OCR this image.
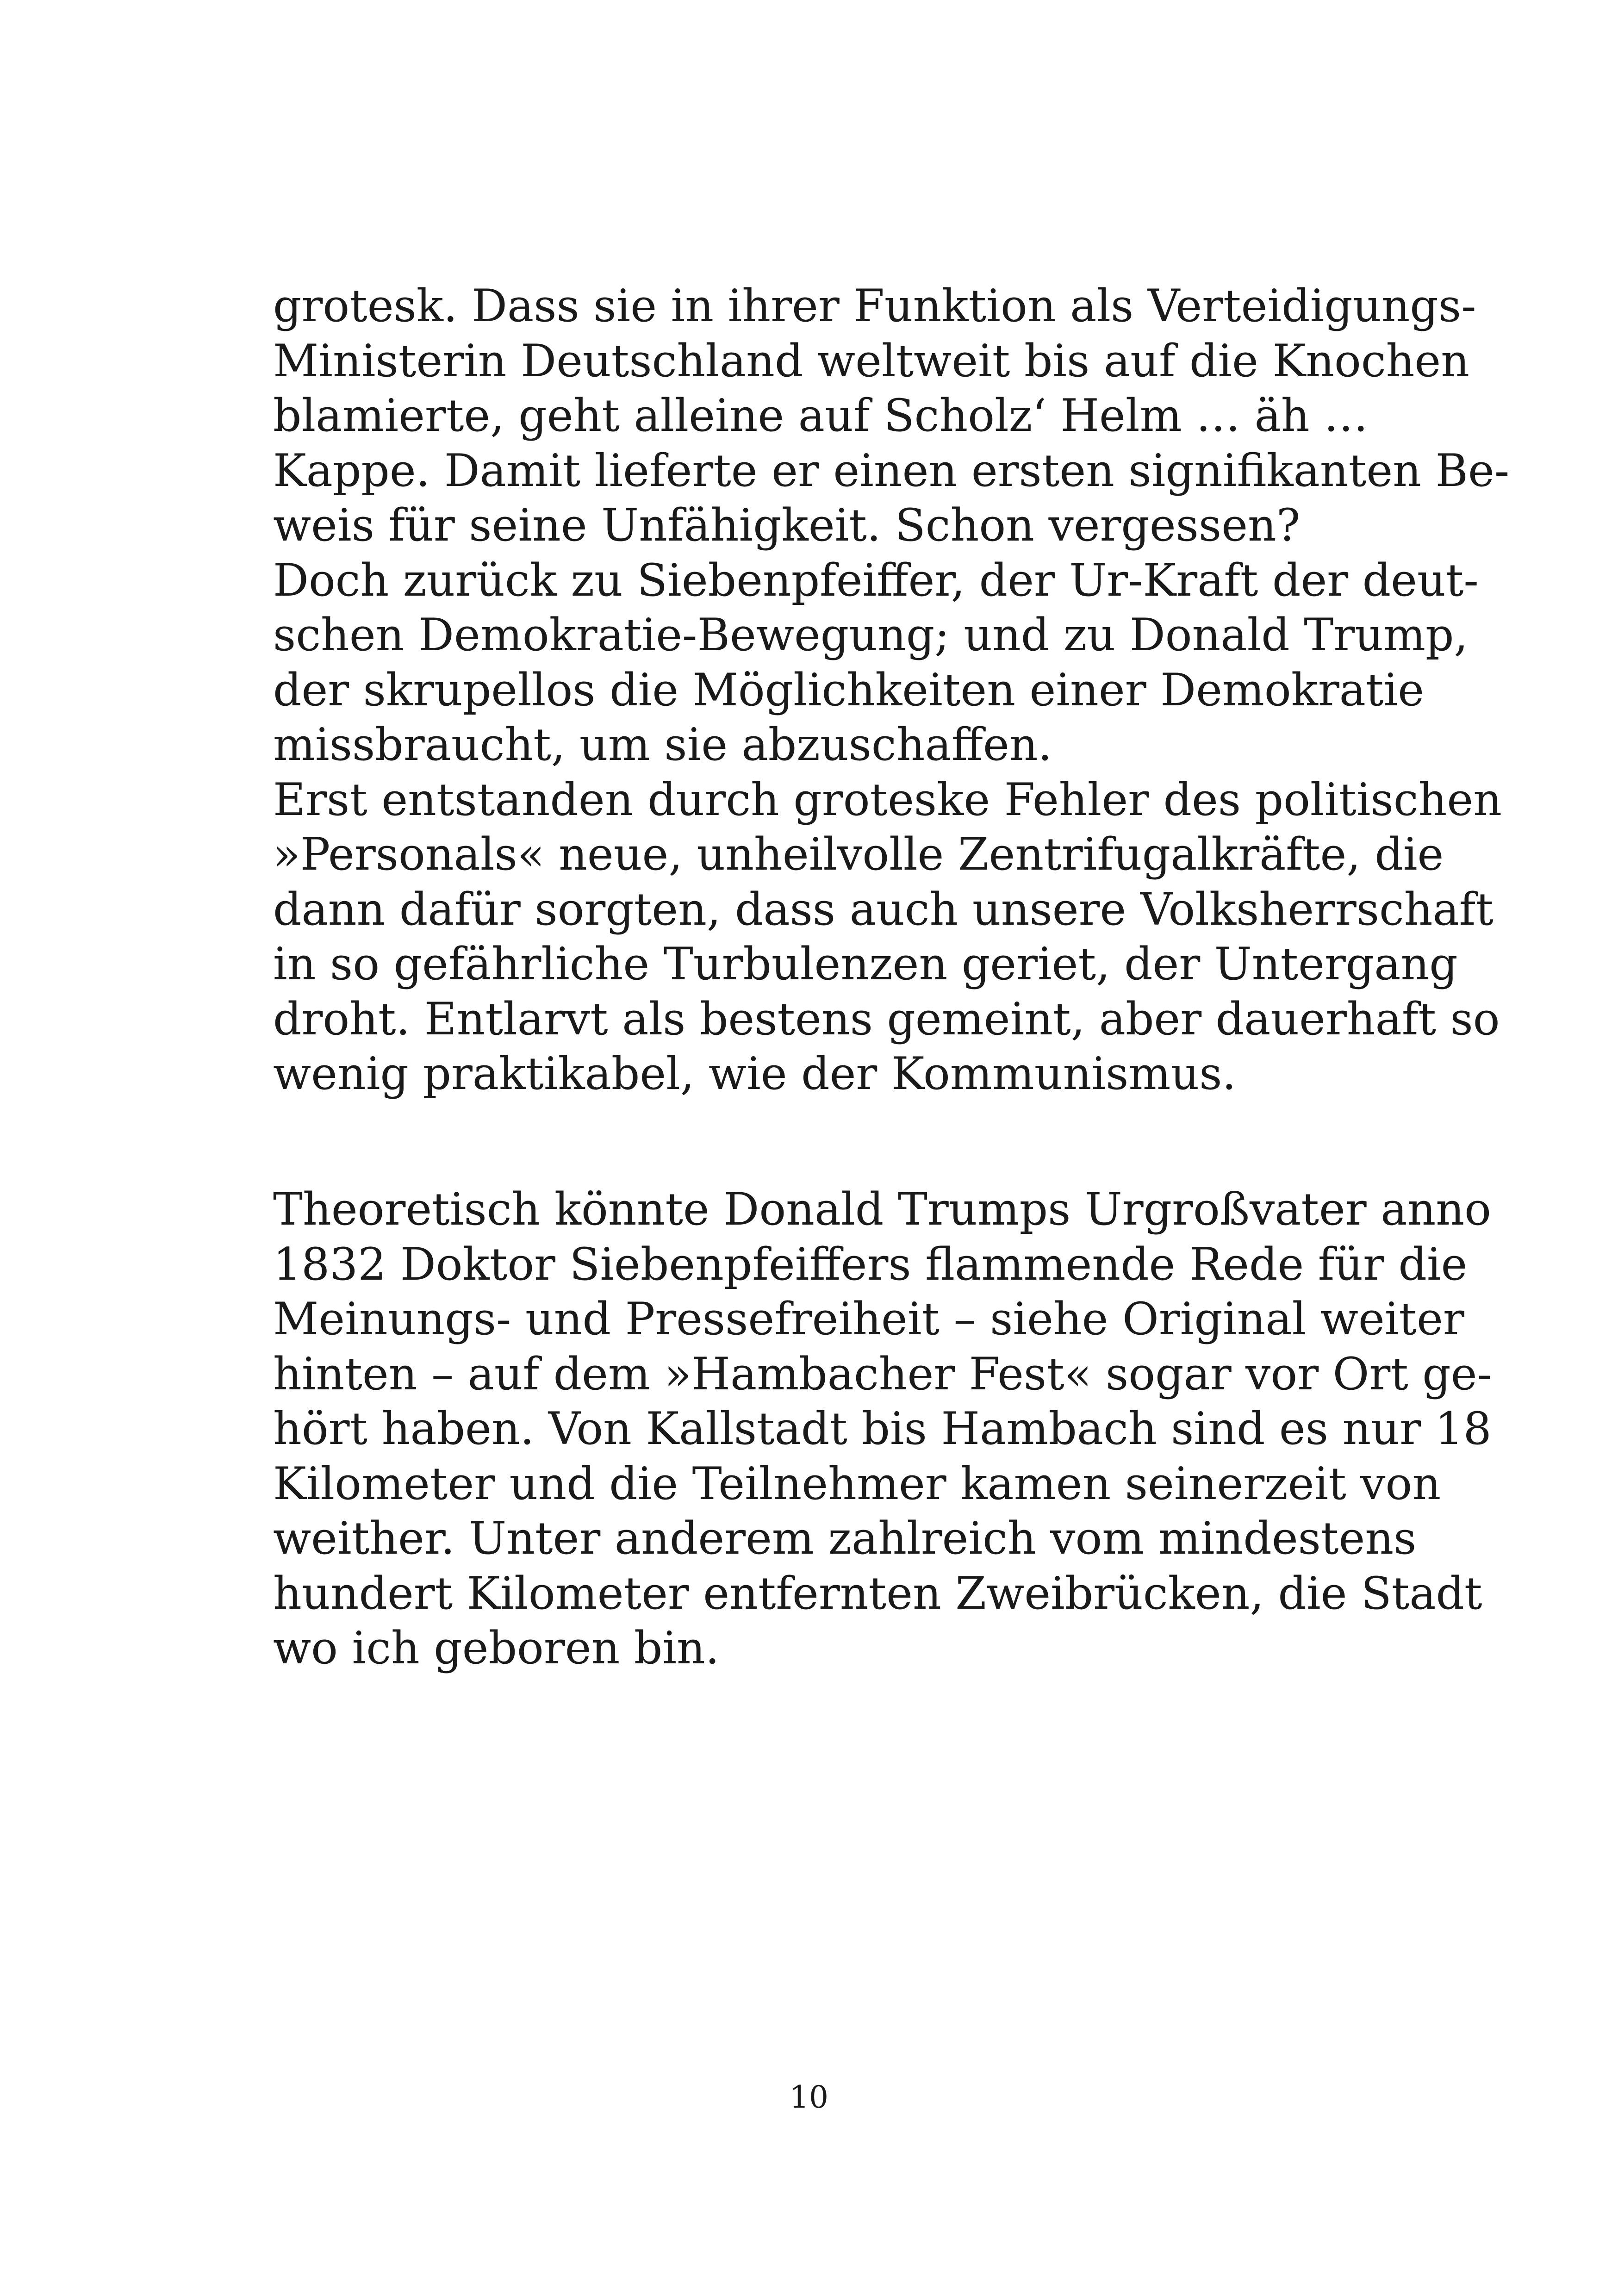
grotesk. Dass sie in ihrer Funktion als Verteidigungs-
Ministerin Deutschland weltweit bis auf die Knochen
blamierte, geht alleine auf Scholz‘ Helm … äh …
Kappe. Damit lieferte er einen ersten signifikanten Be-
weis für seine Unfähigkeit. Schon vergessen?
Doch zurück zu Siebenpfeiffer, der Ur-Kraft der deut-
schen Demokratie-Bewegung; und zu Donald Trump,
der skrupellos die Möglichkeiten einer Demokratie
missbraucht, um sie abzuschaffen.
Erst entstanden durch groteske Fehler des politischen
»Personals« neue, unheilvolle Zentrifugalkräfte, die
dann dafür sorgten, dass auch unsere Volksherrschaft
in so gefährliche Turbulenzen geriet, der Untergang
droht. Entlarvt als bestens gemeint, aber dauerhaft so
wenig praktikabel, wie der Kommunismus.
Theoretisch könnte Donald Trumps Urgroßvater anno
1832 Doktor Siebenpfeiffers flammende Rede für die
Meinungs- und Pressefreiheit – siehe Original weiter
hinten – auf dem »Hambacher Fest« sogar vor Ort ge-
hört haben. Von Kallstadt bis Hambach sind es nur 18
Kilometer und die Teilnehmer kamen seinerzeit von
weither. Unter anderem zahlreich vom mindestens
hundert Kilometer entfernten Zweibrücken, die Stadt
wo ich geboren bin.
10
